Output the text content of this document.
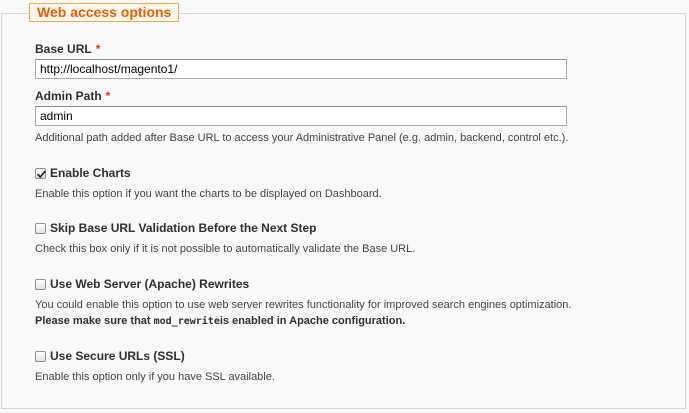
Web access options
Base URL *
http://localhost/magento1/
Admin Path *
admin
Additional path added after Base URL to access your Administrative Panel (e.g. admin, backend, control etc.).
Enable Charts
Enable this option if you want the charts to be displayed on Dashboard.
Skip Base URL Validation Before the Next Step
Check this box only if it is not possible to automatically validate the Base URL.
Use Web Server (Apache) Rewrites
You could enable this option to use web server rewrites functionality for improved search engines optimization.
Please make sure that mod_rewriteis enabled in Apache configuration.
Use Secure URLs (SSL)
Enable this option only if you have SSL available.
